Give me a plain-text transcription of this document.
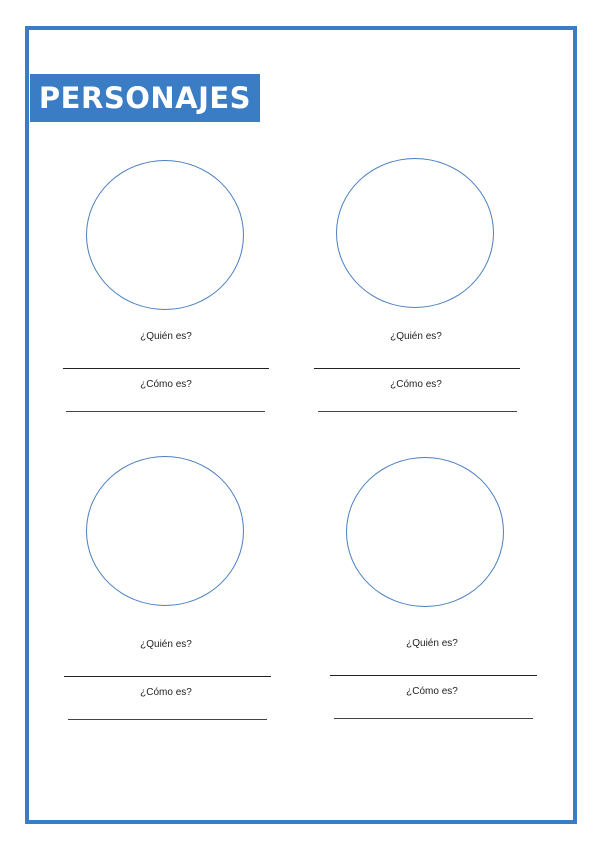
PERSONAJES
¿Quién es?
¿Cómo es?
¿Quién es?
¿Cómo es?
¿Quién es?
¿Cómo es?
¿Quién es?
¿Cómo es?
